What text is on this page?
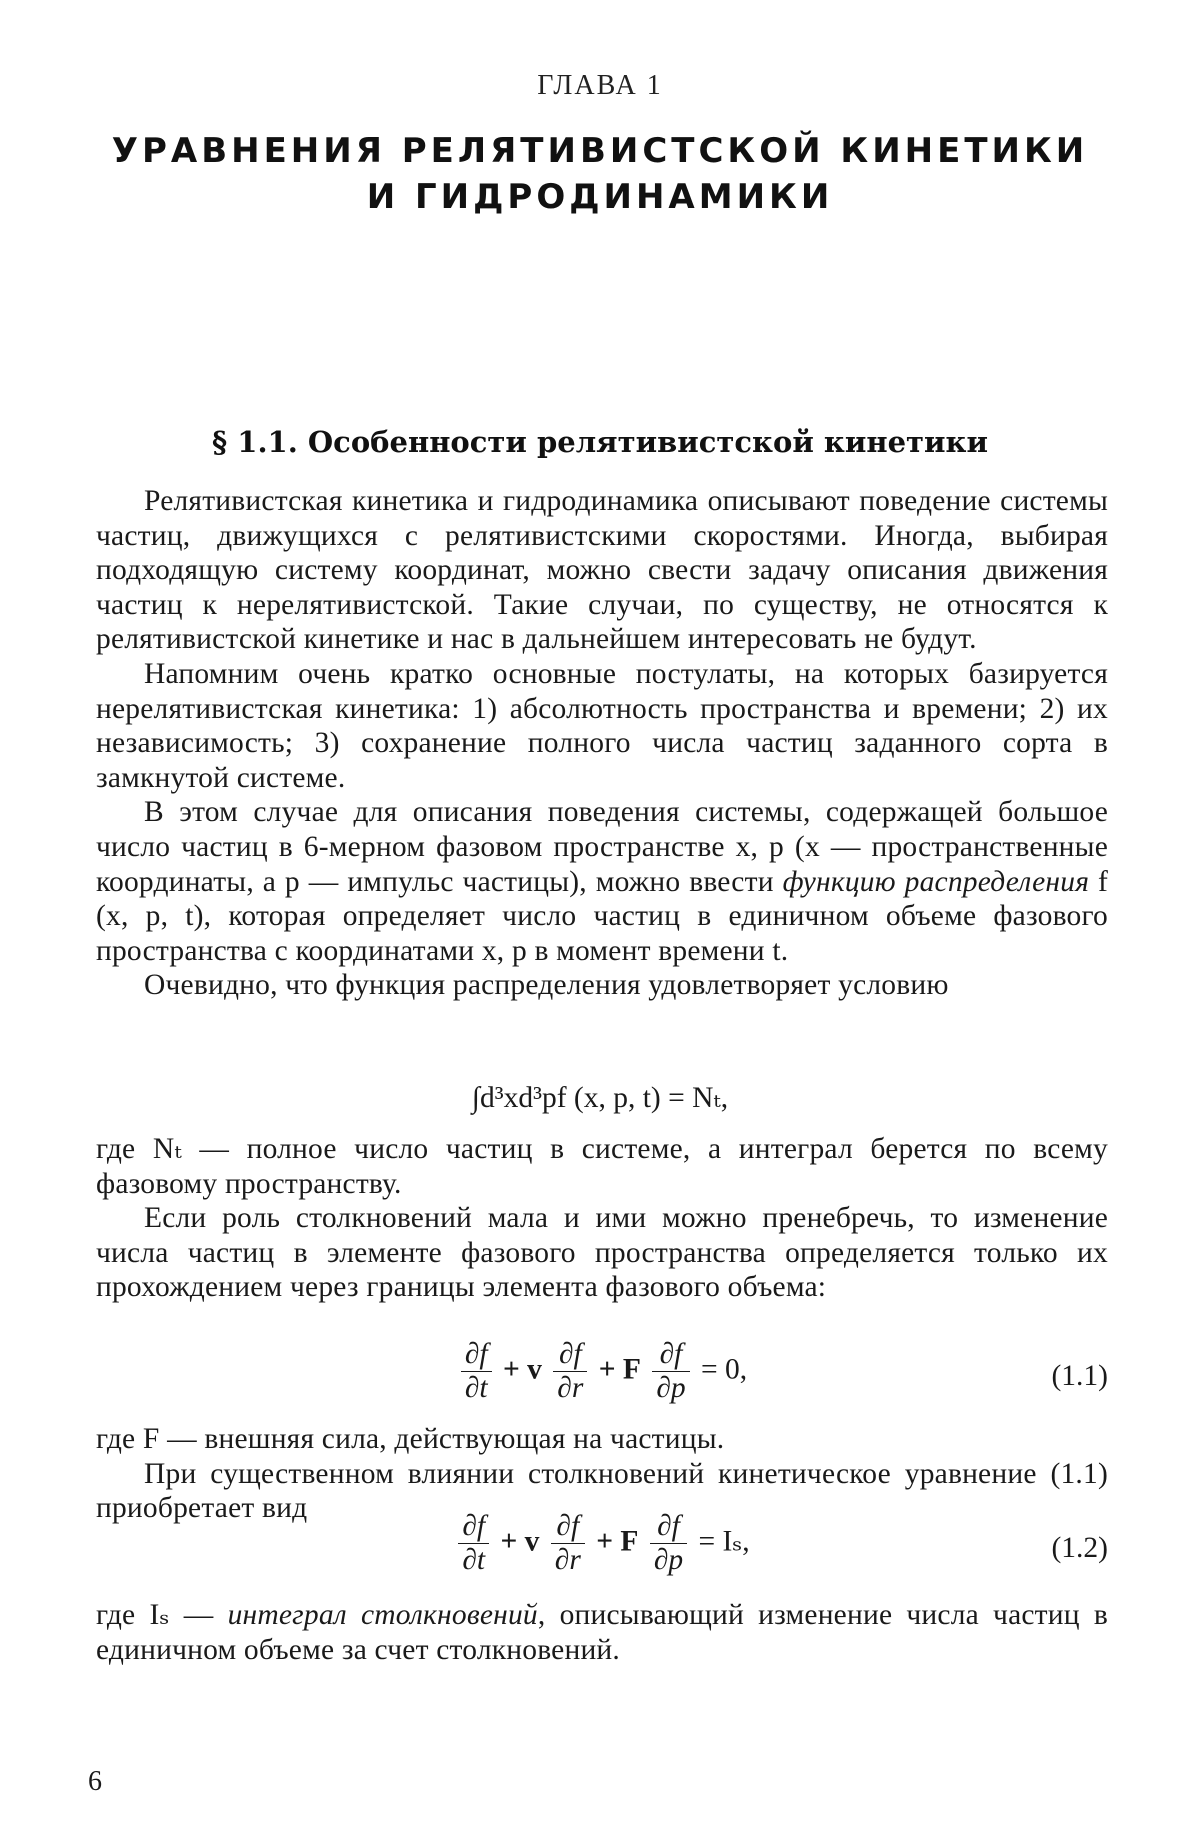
ГЛАВА 1
УРАВНЕНИЯ РЕЛЯТИВИСТСКОЙ КИНЕТИКИ
И ГИДРОДИНАМИКИ
§ 1.1. Особенности релятивистской кинетики

Релятивистская кинетика и гидродинамика описывают поведение системы частиц, движущихся с релятивистскими скоростями. Иногда, выбирая подходящую систему координат, можно свести задачу описания движения частиц к нерелятивистской. Такие случаи, по существу, не относятся к релятивистской кинетике и нас в дальнейшем интересовать не будут.

Напомним очень кратко основные постулаты, на которых базируется нерелятивистская кинетика: 1) абсолютность пространства и времени; 2) их независимость; 3) сохранение полного числа частиц заданного сорта в замкнутой системе.

В этом случае для описания поведения системы, содержащей большое число частиц в 6-мерном фазовом пространстве x, p (x — пространственные координаты, а p — импульс частицы), можно ввести функцию распределения f (x, p, t), которая определяет число частиц в единичном объеме фазового пространства с координатами x, p в момент времени t.

Очевидно, что функция распределения удовлетворяет условию

∫d³xd³pf (x, p, t) = Nₜ,

где Nₜ — полное число частиц в системе, а интеграл берется по всему фазовому пространству.

Если роль столкновений мала и ими можно пренебречь, то изменение числа частиц в элементе фазового пространства определяется только их прохождением через границы элемента фазового объема:

$\frac{\partial f}{\partial t} + v \frac{\partial f}{\partial r} + F \frac{\partial f}{\partial p} = 0$,	(1.1)

где F — внешняя сила, действующая на частицы.

При существенном влиянии столкновений кинетическое уравнение (1.1) приобретает вид

$\frac{\partial f}{\partial t} + v \frac{\partial f}{\partial r} + F \frac{\partial f}{\partial p} = I_s$,	(1.2)

где Iₛ — интеграл столкновений, описывающий изменение числа частиц в единичном объеме за счет столкновений.

6
